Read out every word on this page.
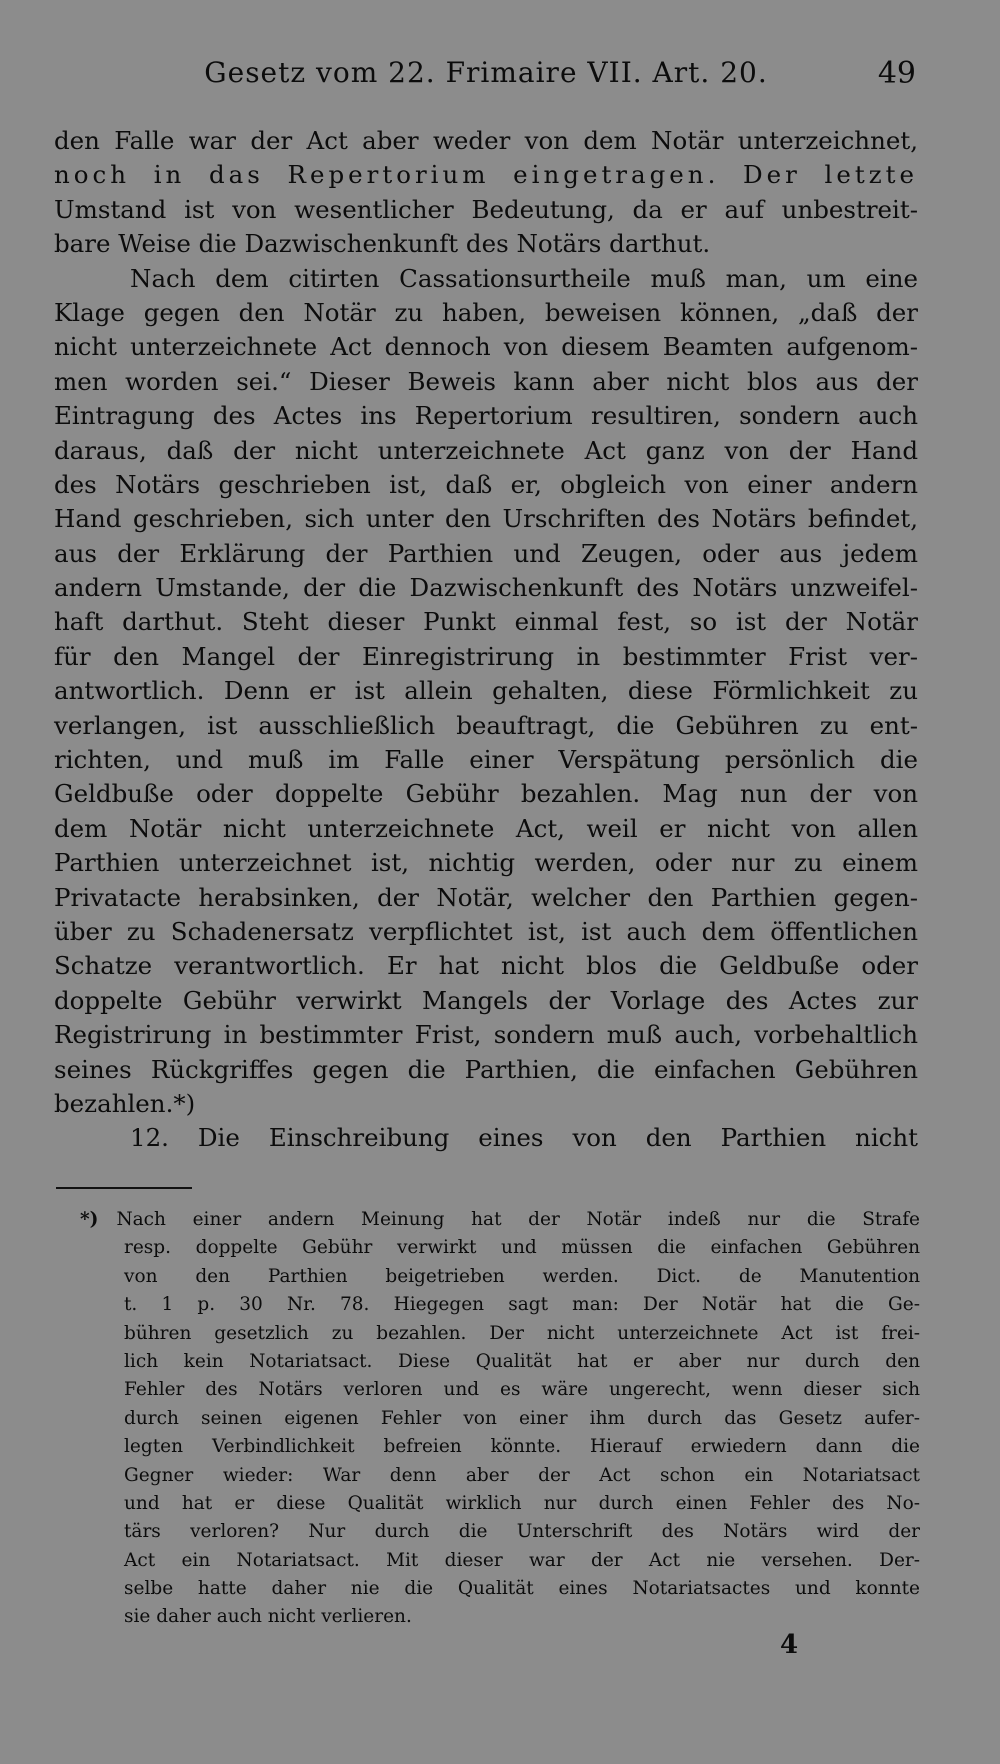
Gesetz vom 22. Frimaire VII. Art. 20.	49
den Falle war der Act aber weder von dem Notär unterzeichnet,
noch in das Repertorium eingetragen. Der letzte
Umstand ist von wesentlicher Bedeutung, da er auf unbestreit-
bare Weise die Dazwischenkunft des Notärs darthut.
Nach dem citirten Cassationsurtheile muß man, um eine
Klage gegen den Notär zu haben, beweisen können, „daß der
nicht unterzeichnete Act dennoch von diesem Beamten aufgenom-
men worden sei.“ Dieser Beweis kann aber nicht blos aus der
Eintragung des Actes ins Repertorium resultiren, sondern auch
daraus, daß der nicht unterzeichnete Act ganz von der Hand
des Notärs geschrieben ist, daß er, obgleich von einer andern
Hand geschrieben, sich unter den Urschriften des Notärs befindet,
aus der Erklärung der Parthien und Zeugen, oder aus jedem
andern Umstande, der die Dazwischenkunft des Notärs unzweifel-
haft darthut. Steht dieser Punkt einmal fest, so ist der Notär
für den Mangel der Einregistrirung in bestimmter Frist ver-
antwortlich. Denn er ist allein gehalten, diese Förmlichkeit zu
verlangen, ist ausschließlich beauftragt, die Gebühren zu ent-
richten, und muß im Falle einer Verspätung persönlich die
Geldbuße oder doppelte Gebühr bezahlen. Mag nun der von
dem Notär nicht unterzeichnete Act, weil er nicht von allen
Parthien unterzeichnet ist, nichtig werden, oder nur zu einem
Privatacte herabsinken, der Notär, welcher den Parthien gegen-
über zu Schadenersatz verpflichtet ist, ist auch dem öffentlichen
Schatze verantwortlich. Er hat nicht blos die Geldbuße oder
doppelte Gebühr verwirkt Mangels der Vorlage des Actes zur
Registrirung in bestimmter Frist, sondern muß auch, vorbehaltlich
seines Rückgriffes gegen die Parthien, die einfachen Gebühren
bezahlen.*)
12. Die Einschreibung eines von den Parthien nicht
*) Nach einer andern Meinung hat der Notär indeß nur die Strafe
resp. doppelte Gebühr verwirkt und müssen die einfachen Gebühren
von den Parthien beigetrieben werden. Dict. de Manutention
t. 1 p. 30 Nr. 78. Hiegegen sagt man: Der Notär hat die Ge-
bühren gesetzlich zu bezahlen. Der nicht unterzeichnete Act ist frei-
lich kein Notariatsact. Diese Qualität hat er aber nur durch den
Fehler des Notärs verloren und es wäre ungerecht, wenn dieser sich
durch seinen eigenen Fehler von einer ihm durch das Gesetz aufer-
legten Verbindlichkeit befreien könnte. Hierauf erwiedern dann die
Gegner wieder: War denn aber der Act schon ein Notariatsact
und hat er diese Qualität wirklich nur durch einen Fehler des No-
tärs verloren? Nur durch die Unterschrift des Notärs wird der
Act ein Notariatsact. Mit dieser war der Act nie versehen. Der-
selbe hatte daher nie die Qualität eines Notariatsactes und konnte
sie daher auch nicht verlieren.
4
